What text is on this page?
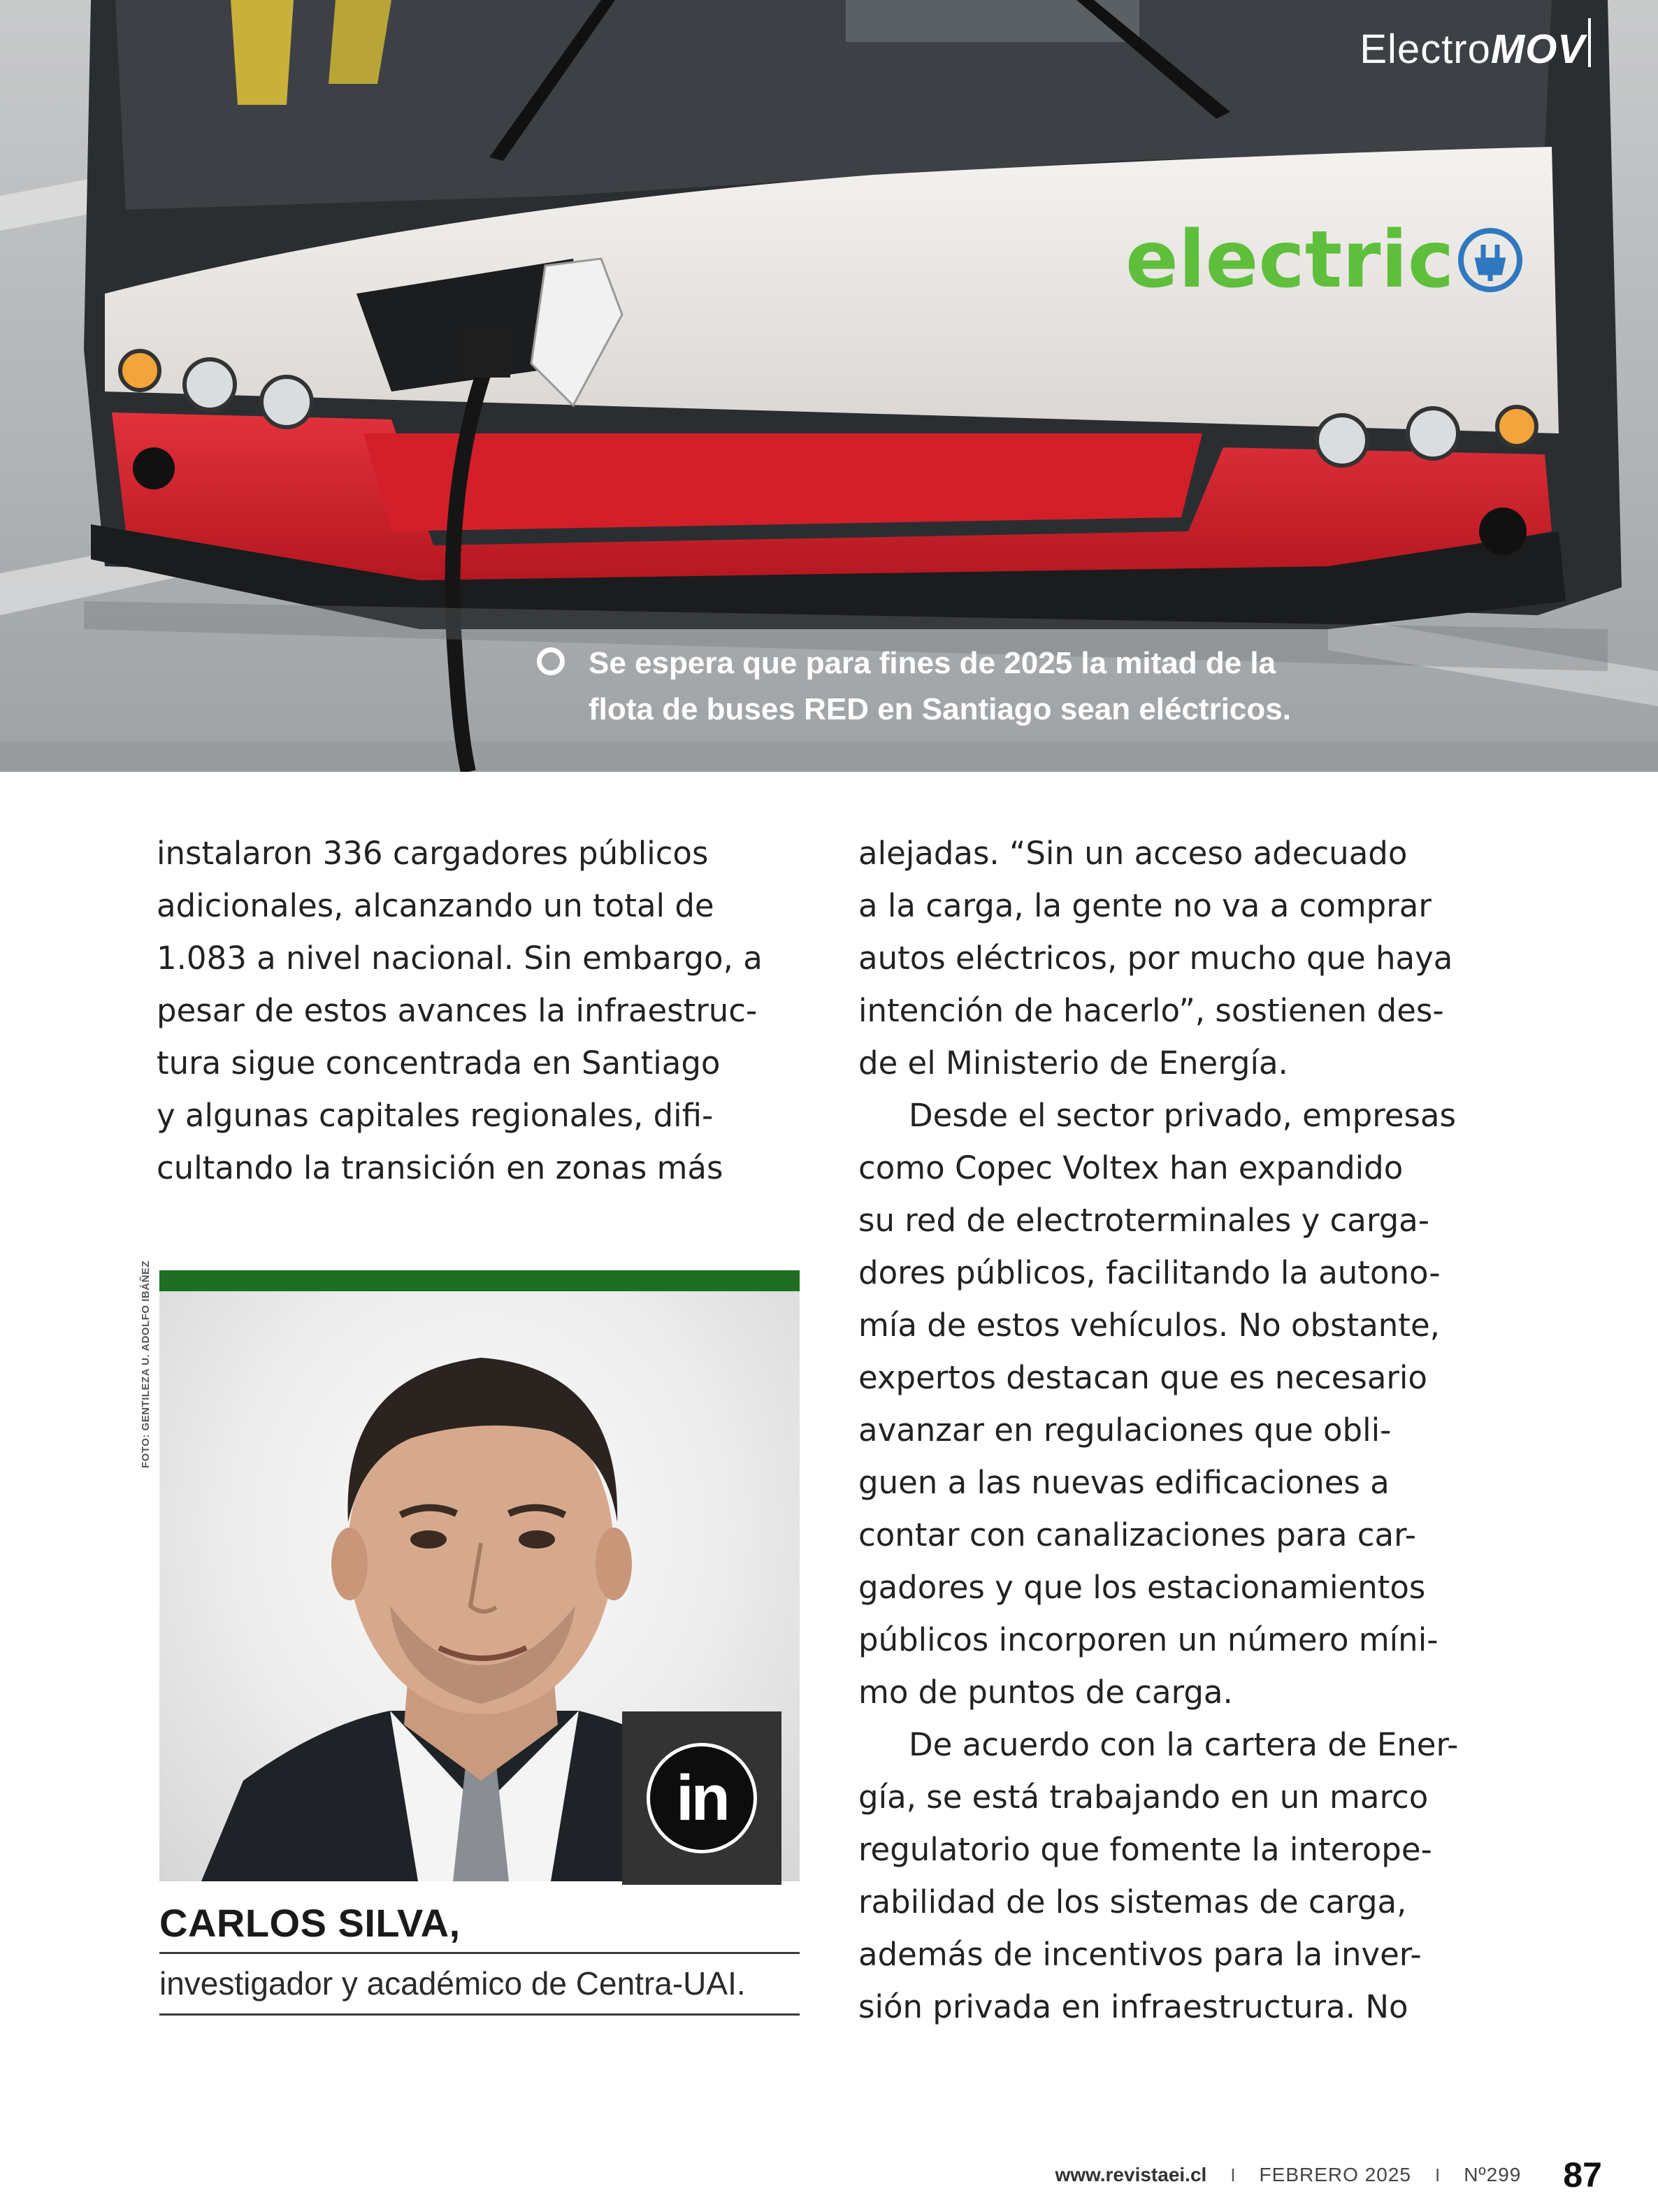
electric
Electro MOV
Se espera que para fines de 2025 la mitad de la
flota de buses RED en Santiago sean eléctricos.
instalaron 336 cargadores públicos
adicionales, alcanzando un total de
1.083 a nivel nacional. Sin embargo, a
pesar de estos avances la infraestruc-
tura sigue concentrada en Santiago
y algunas capitales regionales, difi-
cultando la transición en zonas más
alejadas. “Sin un acceso adecuado
a la carga, la gente no va a comprar
autos eléctricos, por mucho que haya
intención de hacerlo”, sostienen des-
de el Ministerio de Energía.
Desde el sector privado, empresas
como Copec Voltex han expandido
su red de electroterminales y carga-
dores públicos, facilitando la autono-
mía de estos vehículos. No obstante,
expertos destacan que es necesario
avanzar en regulaciones que obli-
guen a las nuevas edificaciones a
contar con canalizaciones para car-
gadores y que los estacionamientos
públicos incorporen un número míni-
mo de puntos de carga.
De acuerdo con la cartera de Ener-
gía, se está trabajando en un marco
regulatorio que fomente la interope-
rabilidad de los sistemas de carga,
además de incentivos para la inver-
sión privada en infraestructura. No
FOTO: GENTILEZA U. ADOLFO IBÁÑEZ
in
CARLOS SILVA,
investigador y académico de Centra-UAI.
www.revistaei.cl I FEBRERO 2025 I Nº299 87
